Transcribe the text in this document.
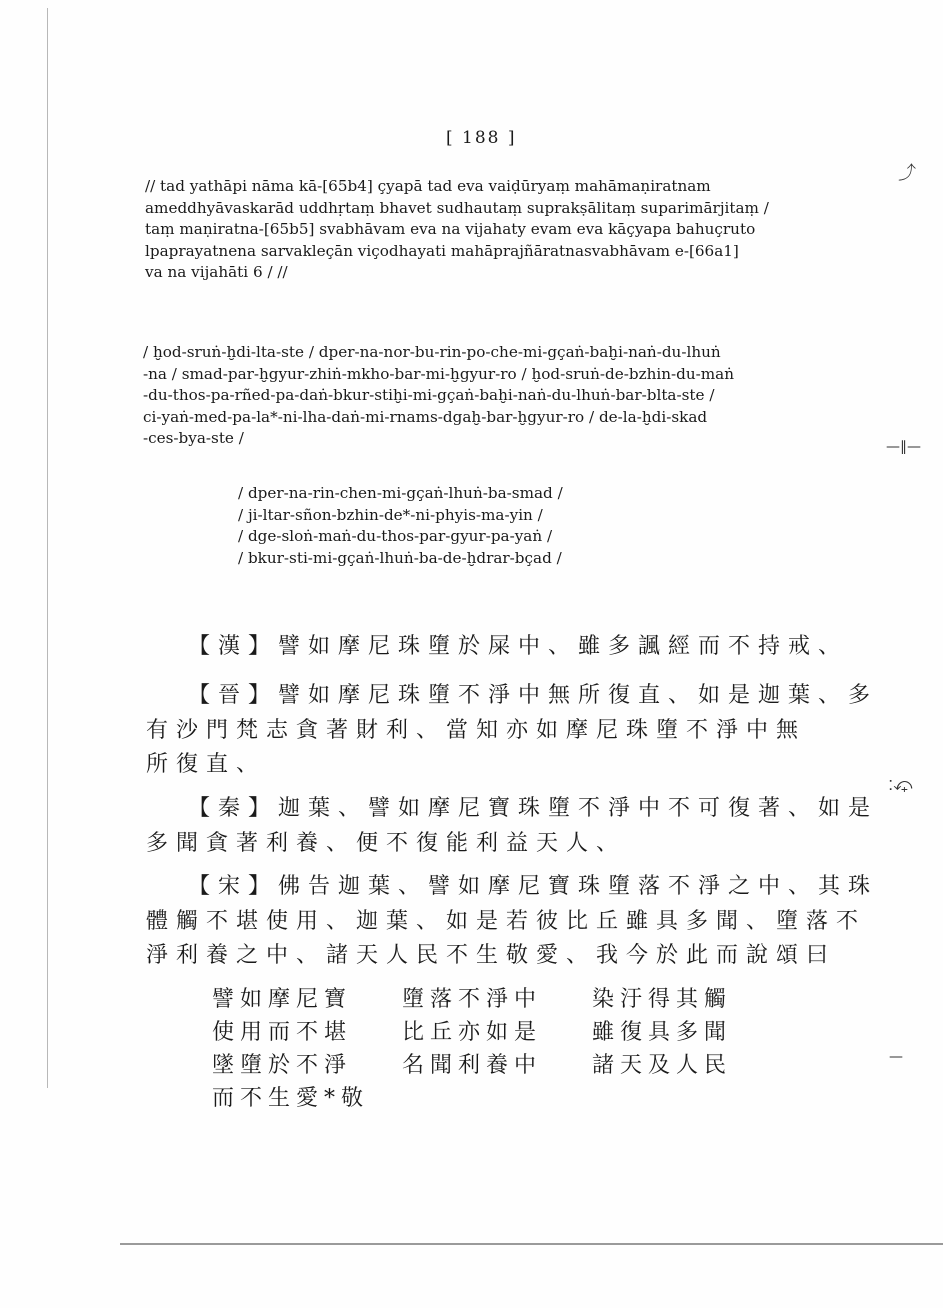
⤴
—∥—
׃⤽
—
[ 188 ]
// tad yathāpi nāma kā-[65b4] çyapā tad eva vaiḍūryaṃ mahāmaṇiratnam
ameddhyāvaskarād uddhṛtaṃ bhavet sudhautaṃ suprakṣālitaṃ suparimārjitaṃ /
taṃ maṇiratna-[65b5] svabhāvam eva na vijahaty evam eva kāçyapa bahuçruto
lpaprayatnena sarvakleçān viçodhayati mahāprajñāratnasvabhāvam e-[66a1]
va na vijahāti 6 / //
/ ḫod-sruṅ-ḫdi-lta-ste / dper-na-nor-bu-rin-po-che-mi-gçaṅ-baḫi-naṅ-du-lhuṅ
-na / smad-par-ḫgyur-zhiṅ-mkho-bar-mi-ḫgyur-ro / ḫod-sruṅ-de-bzhin-du-maṅ
-du-thos-pa-rñed-pa-daṅ-bkur-stiḫi-mi-gçaṅ-baḫi-naṅ-du-lhuṅ-bar-blta-ste /
ci-yaṅ-med-pa-la*-ni-lha-daṅ-mi-rnams-dgaḫ-bar-ḫgyur-ro / de-la-ḫdi-skad
-ces-bya-ste /
/ dper-na-rin-chen-mi-gçaṅ-lhuṅ-ba-smad /
/ ji-ltar-sñon-bzhin-de*-ni-phyis-ma-yin /
/ dge-sloṅ-maṅ-du-thos-par-gyur-pa-yaṅ /
/ bkur-sti-mi-gçaṅ-lhuṅ-ba-de-ḫdrar-bçad /
【漢】譬如摩尼珠墮於屎中、雖多諷經而不持戒、
【晉】譬如摩尼珠墮不淨中無所復直、如是迦葉、多
有沙門梵志貪著財利、當知亦如摩尼珠墮不淨中無
所復直、
【秦】迦葉、譬如摩尼寶珠墮不淨中不可復著、如是
多聞貪著利養、便不復能利益天人、
【宋】佛告迦葉、譬如摩尼寶珠墮落不淨之中、其珠
體觸不堪使用、迦葉、如是若彼比丘雖具多聞、墮落不
淨利養之中、諸天人民不生敬愛、我今於此而說頌曰
譬如摩尼寶 墮落不淨中 染汙得其觸
使用而不堪 比丘亦如是 雖復具多聞
墜墮於不淨 名聞利養中 諸天及人民
而不生愛*敬
